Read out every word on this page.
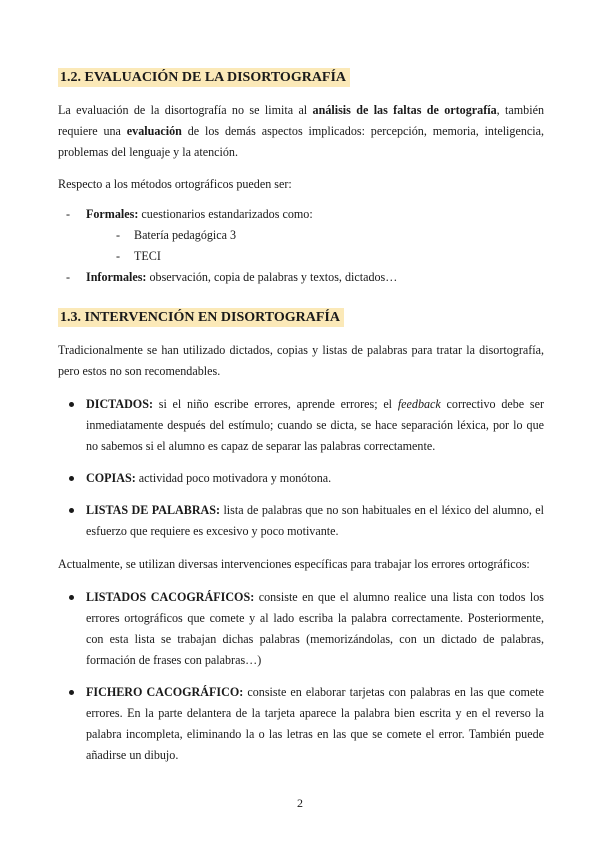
1.2. EVALUACIÓN DE LA DISORTOGRAFÍA

La evaluación de la disortografía no se limita al análisis de las faltas de ortografía, también requiere una evaluación de los demás aspectos implicados: percepción, memoria, inteligencia, problemas del lenguaje y la atención.

Respecto a los métodos ortográficos pueden ser:

- Formales: cuestionarios estandarizados como:
- Batería pedagógica 3
- TECI
- Informales: observación, copia de palabras y textos, dictados…
1.3. INTERVENCIÓN EN DISORTOGRAFÍA

Tradicionalmente se han utilizado dictados, copias y listas de palabras para tratar la disortografía, pero estos no son recomendables.

DICTADOS: si el niño escribe errores, aprende errores; el feedback correctivo debe ser inmediatamente después del estímulo; cuando se dicta, se hace separación léxica, por lo que no sabemos si el alumno es capaz de separar las palabras correctamente.
COPIAS: actividad poco motivadora y monótona.
LISTAS DE PALABRAS: lista de palabras que no son habituales en el léxico del alumno, el esfuerzo que requiere es excesivo y poco motivante.

Actualmente, se utilizan diversas intervenciones específicas para trabajar los errores ortográficos:

LISTADOS CACOGRÁFICOS: consiste en que el alumno realice una lista con todos los errores ortográficos que comete y al lado escriba la palabra correctamente. Posteriormente, con esta lista se trabajan dichas palabras (memorizándolas, con un dictado de palabras, formación de frases con palabras…)
FICHERO CACOGRÁFICO: consiste en elaborar tarjetas con palabras en las que comete errores. En la parte delantera de la tarjeta aparece la palabra bien escrita y en el reverso la palabra incompleta, eliminando la o las letras en las que se comete el error. También puede añadirse un dibujo.
2
